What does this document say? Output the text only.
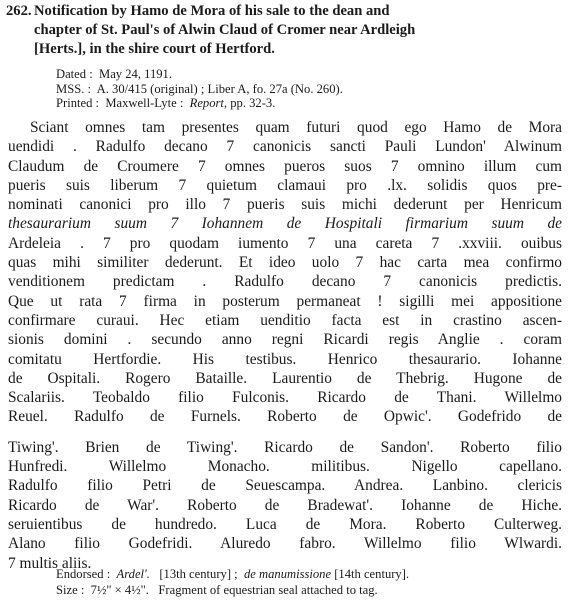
262. Notification by Hamo de Mora of his sale to the dean and
chapter of St. Paul's of Alwin Claud of Cromer near Ardleigh
[Herts.], in the shire court of Hertford.
Dated : May 24, 1191.
MSS. : A. 30/415 (original) ; Liber A, fo. 27a (No. 260).
Printed : Maxwell-Lyte : Report, pp. 32-3.
Sciant omnes tam presentes quam futuri quod ego Hamo de Mora
uendidi . Radulfo decano 7 canonicis sancti Pauli Lundon' Alwinum
Claudum de Croumere 7 omnes pueros suos 7 omnino illum cum
pueris suis liberum 7 quietum clamaui pro .lx. solidis quos pre-
nominati canonici pro illo 7 pueris suis michi dederunt per Henricum
thesaurarium suum 7 Iohannem de Hospitali firmarium suum de
Ardeleia . 7 pro quodam iumento 7 una careta 7 .xxviii. ouibus
quas mihi similiter dederunt. Et ideo uolo 7 hac carta mea confirmo
venditionem predictam . Radulfo decano 7 canonicis predictis.
Que ut rata 7 firma in posterum permaneat ! sigilli mei appositione
confirmare curaui. Hec etiam uenditio facta est in crastino ascen-
sionis domini . secundo anno regni Ricardi regis Anglie . coram
comitatu Hertfordie. His testibus. Henrico thesaurario. Iohanne
de Ospitali. Rogero Bataille. Laurentio de Thebrig. Hugone de
Scalariis. Teobaldo filio Fulconis. Ricardo de Thani. Willelmo
Reuel. Radulfo de Furnels. Roberto de Opwic'. Godefrido de
Tiwing'. Brien de Tiwing'. Ricardo de Sandon'. Roberto filio
Hunfredi. Willelmo Monacho. militibus. Nigello capellano.
Radulfo filio Petri de Seuescampa. Andrea. Lanbino. clericis
Ricardo de War'. Roberto de Bradewat'. Iohanne de Hiche.
seruientibus de hundredo. Luca de Mora. Roberto Culterweg.
Alano filio Godefridi. Aluredo fabro. Willelmo filio Wlwardi.
7 multis aliis.
Endorsed : Ardel'. [13th century] ; de manumissione [14th century].
Size : 7½" × 4½". Fragment of equestrian seal attached to tag.
